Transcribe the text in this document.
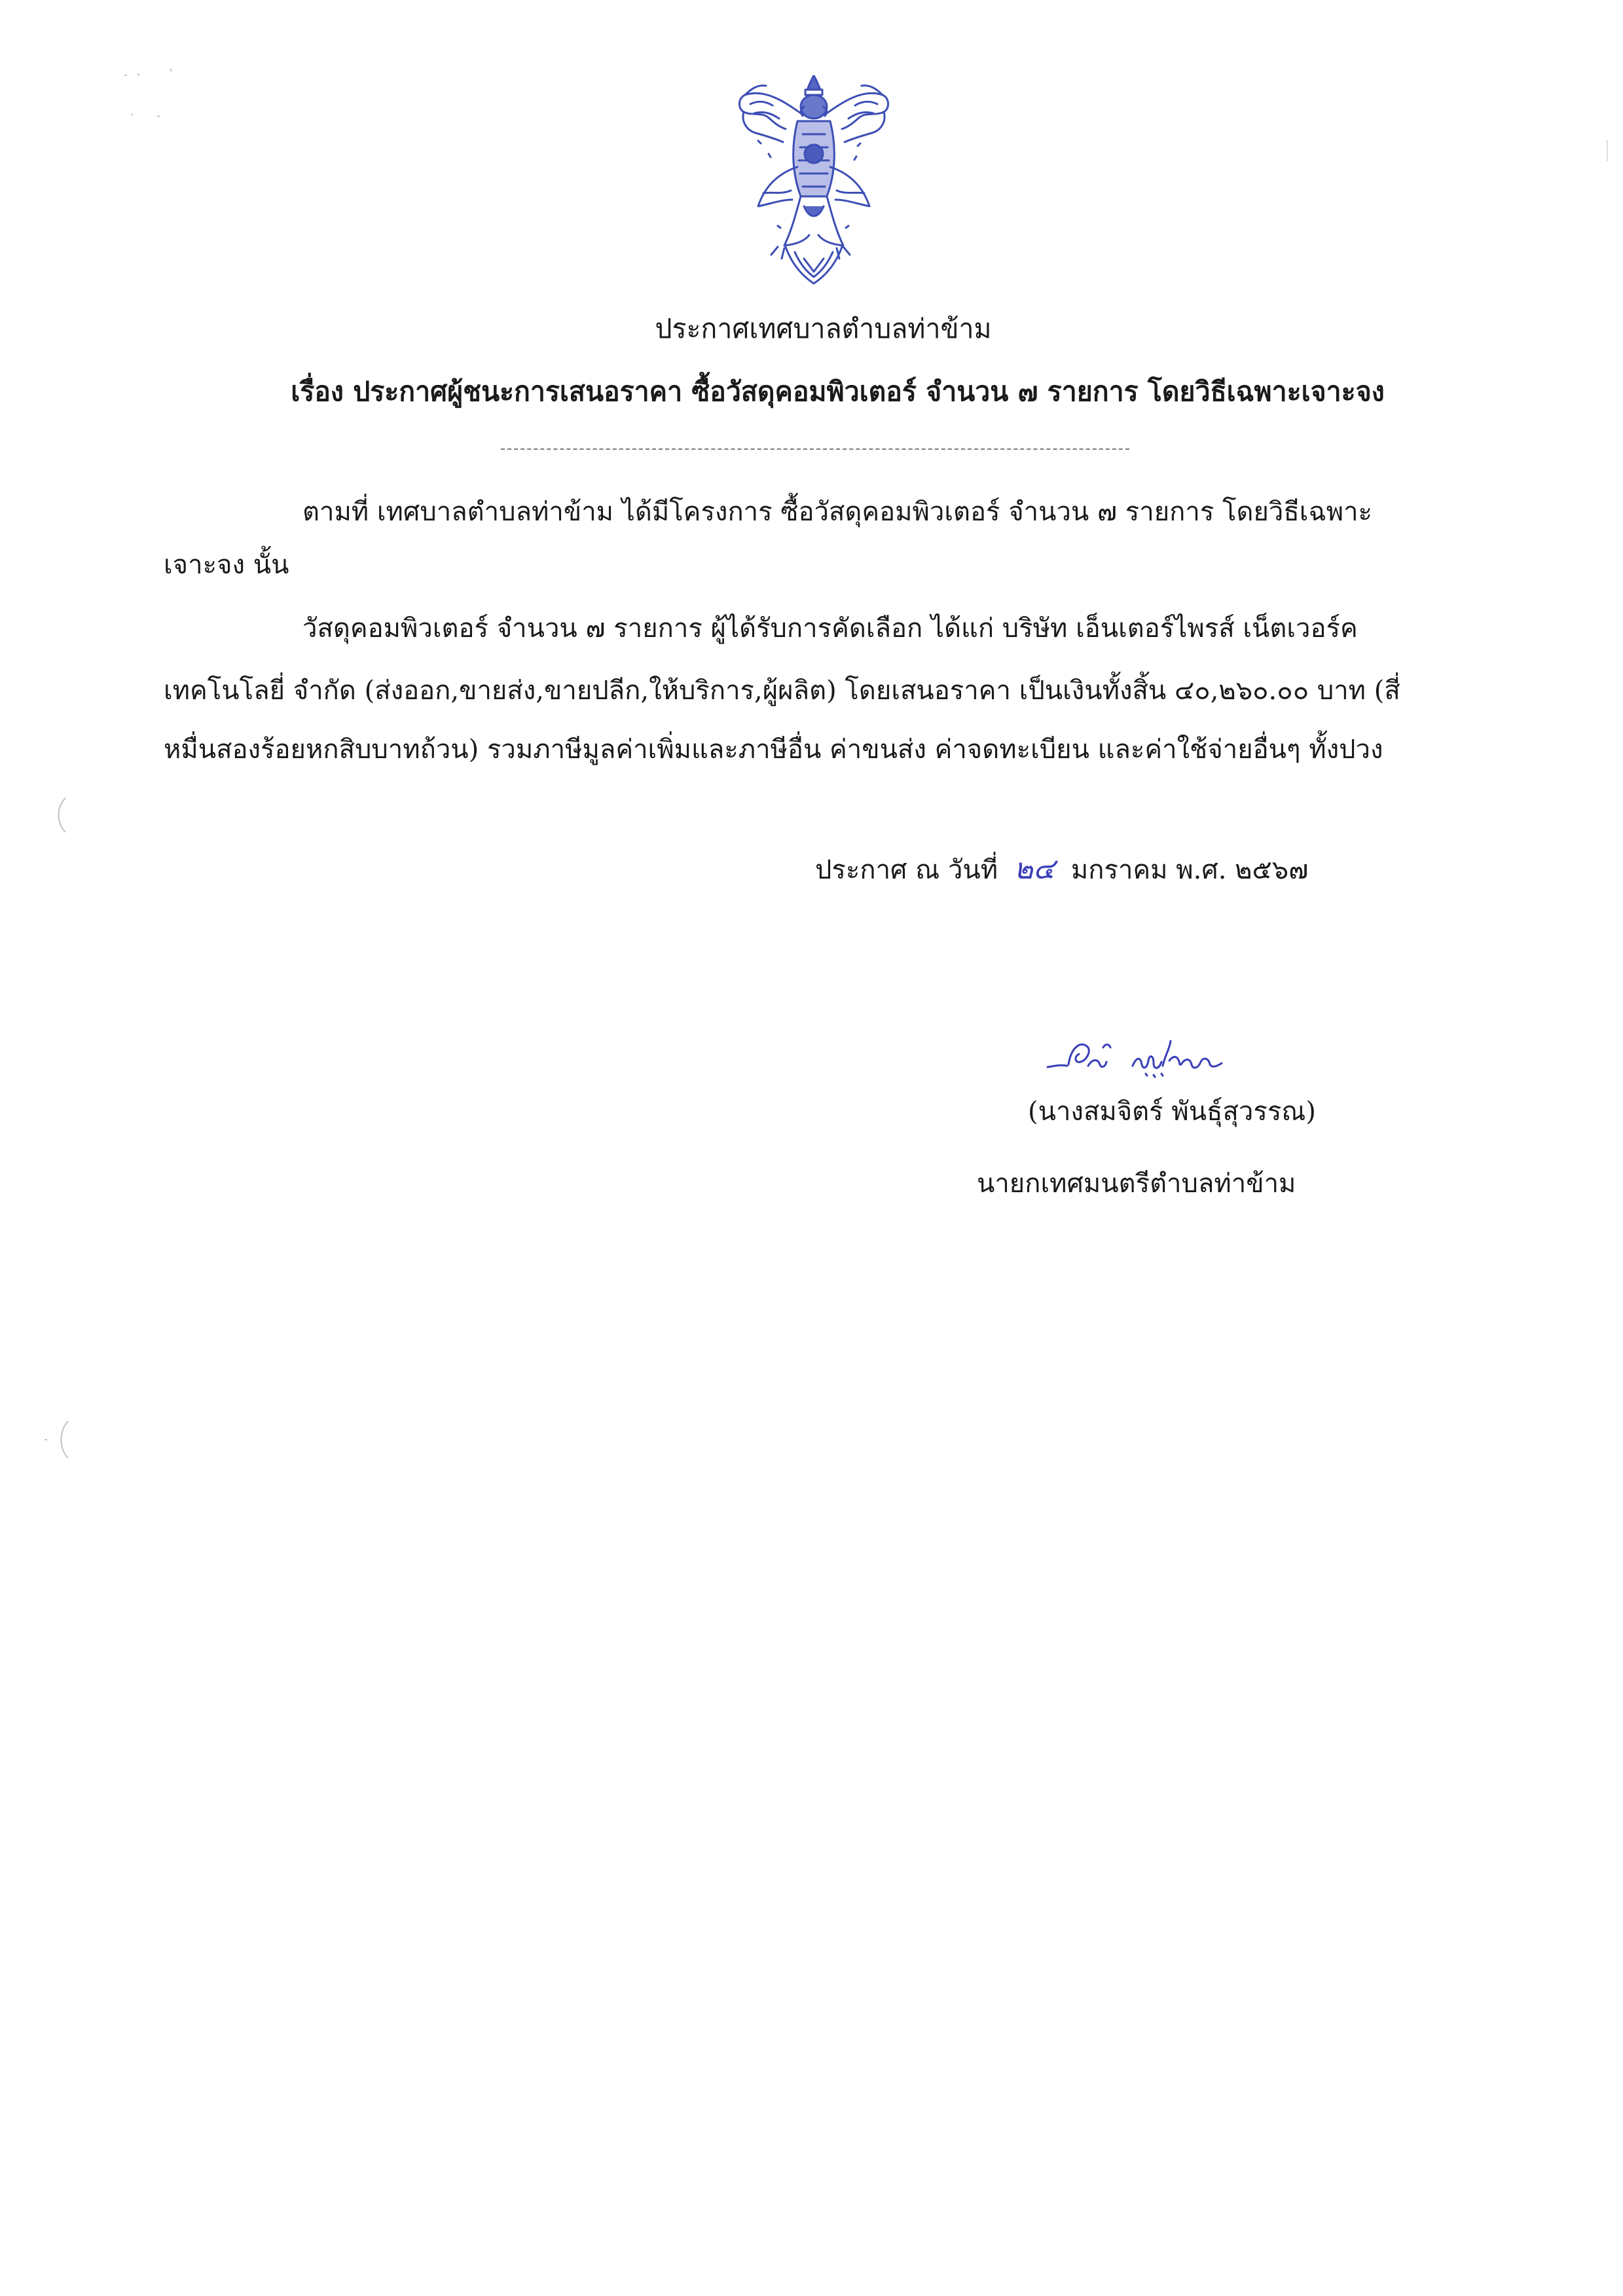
ประกาศเทศบาลตำบลท่าข้าม
เรื่อง ประกาศผู้ชนะการเสนอราคา ซื้อวัสดุคอมพิวเตอร์ จำนวน ๗ รายการ โดยวิธีเฉพาะเจาะจง
ตามที่ เทศบาลตำบลท่าข้าม ได้มีโครงการ ซื้อวัสดุคอมพิวเตอร์ จำนวน ๗ รายการ โดยวิธีเฉพาะ
เจาะจง นั้น
วัสดุคอมพิวเตอร์ จำนวน ๗ รายการ ผู้ได้รับการคัดเลือก ได้แก่ บริษัท เอ็นเตอร์ไพรส์ เน็ตเวอร์ค
เทคโนโลยี่ จำกัด (ส่งออก,ขายส่ง,ขายปลีก,ให้บริการ,ผู้ผลิต) โดยเสนอราคา เป็นเงินทั้งสิ้น ๔๐,๒๖๐.๐๐ บาท (สี่
หมื่นสองร้อยหกสิบบาทถ้วน) รวมภาษีมูลค่าเพิ่มและภาษีอื่น ค่าขนส่ง ค่าจดทะเบียน และค่าใช้จ่ายอื่นๆ ทั้งปวง
ประกาศ ณ วันที่ ๒๔ มกราคม พ.ศ. ๒๕๖๗
(นางสมจิตร์ พันธุ์สุวรรณ)
นายกเทศมนตรีตำบลท่าข้าม
